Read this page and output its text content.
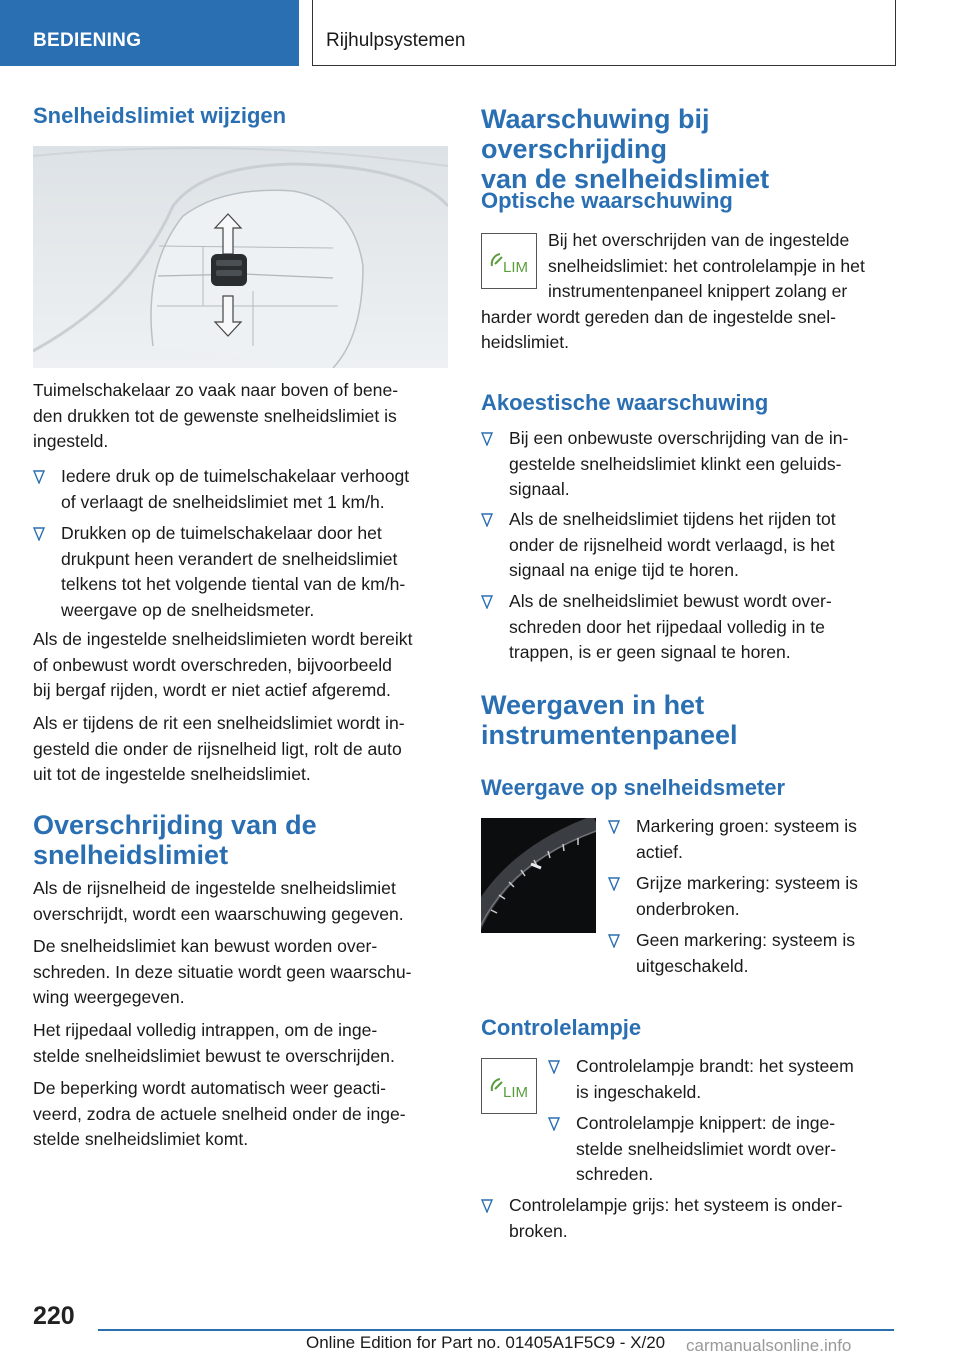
BEDIENING	Rijhulpsystemen
Snelheidslimiet wijzigen

Tuimelschakelaar zo vaak naar boven of bene-
den drukken tot de gewenste snelheidslimiet is
ingesteld.

Iedere druk op de tuimelschakelaar verhoogt
of verlaagt de snelheidslimiet met 1 km/h.
Drukken op de tuimelschakelaar door het
drukpunt heen verandert de snelheidslimiet
telkens tot het volgende tiental van de km/h-
weergave op de snelheidsmeter.

Als de ingestelde snelheidslimieten wordt bereikt
of onbewust wordt overschreden, bijvoorbeeld
bij bergaf rijden, wordt er niet actief afgeremd.

Als er tijdens de rit een snelheidslimiet wordt in-
gesteld die onder de rijsnelheid ligt, rolt de auto
uit tot de ingestelde snelheidslimiet.

Overschrijding van de
snelheidslimiet

Als de rijsnelheid de ingestelde snelheidslimiet
overschrijdt, wordt een waarschuwing gegeven.

De snelheidslimiet kan bewust worden over-
schreden. In deze situatie wordt geen waarschu-
wing weergegeven.

Het rijpedaal volledig intrappen, om de inge-
stelde snelheidslimiet bewust te overschrijden.

De beperking wordt automatisch weer geacti-
veerd, zodra de actuele snelheid onder de inge-
stelde snelheidslimiet komt.

Waarschuwing bij overschrijding
van de snelheidslimiet
Optische waarschuwing
LIM

Bij het overschrijden van de ingestelde
snelheidslimiet: het controlelampje in het
instrumentenpaneel knippert zolang er
harder wordt gereden dan de ingestelde snel-
heidslimiet.

Akoestische waarschuwing
Bij een onbewuste overschrijding van de in-
gestelde snelheidslimiet klinkt een geluids-
signaal.
Als de snelheidslimiet tijdens het rijden tot
onder de rijsnelheid wordt verlaagd, is het
signaal na enige tijd te horen.
Als de snelheidslimiet bewust wordt over-
schreden door het rijpedaal volledig in te
trappen, is er geen signaal te horen.
Weergaven in het
instrumentenpaneel
Weergave op snelheidsmeter
Markering groen: systeem is
actief.
Grijze markering: systeem is
onderbroken.
Geen markering: systeem is
uitgeschakeld.
Controlelampje
LIM
Controlelampje brandt: het systeem
is ingeschakeld.
Controlelampje knippert: de inge-
stelde snelheidslimiet wordt over-
schreden.
Controlelampje grijs: het systeem is onder-
broken.
220
Online Edition for Part no. 01405A1F5C9 - X/20 carmanualsonline.info
